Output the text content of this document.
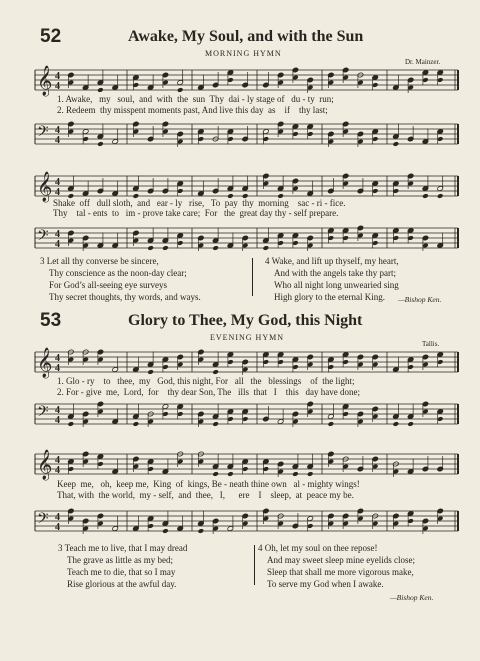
52	Awake, My Soul, and with the Sun
MORNING HYMN
Dr. Mainzer.
𝄞 4
4
1. Awake,   my   soul,  and  with  the  sun  Thy  dai - ly stage of   du - ty  run;
2. Redeem  thy misspent moments past, And live this day  as    if    thy last;
𝄢 4
4
𝄞 4
4
Shake  off   dull sloth,  and   ear - ly   rise,   To  pay  thy  morning    sac - ri - fice.
Thy    tal - ents  to   im - prove take care;  For   the  great day thy - self prepare.
𝄢 4
4
3 Let all thy converse be sincere,
Thy conscience as the noon-day clear;
For God’s all-seeing eye surveys
Thy secret thoughts, thy words, and ways.
4 Wake, and lift up thyself, my heart,
And with the angels take thy part;
Who all night long unwearied sing
High glory to the eternal King.	—Bishop Ken.
53	Glory to Thee, My God, this Night
EVENING HYMN
Tallis.
𝄞 4
4
1. Glo - ry    to   thee,  my   God, this night, For   all   the   blessings    of  the light;
2. For - give  me,  Lord,  for    thy dear Son, The   ills  that   I    this   day have done;
𝄢 4
4
𝄞 4
4
Keep  me,   oh,  keep me,  King  of  kings, Be - neath thine own   al - mighty wings!
That, with  the world,  my - self,  and  thee,   I,      ere    I    sleep,  at  peace my be.
𝄢 4
4
3 Teach me to live, that I may dread
The grave as little as my bed;
Teach me to die, that so I may
Rise glorious at the awful day.
4 Oh, let my soul on thee repose!
And may sweet sleep mine eyelids close;
Sleep that shall me more vigorous make,
To serve my God when I awake.
—Bishop Ken.
